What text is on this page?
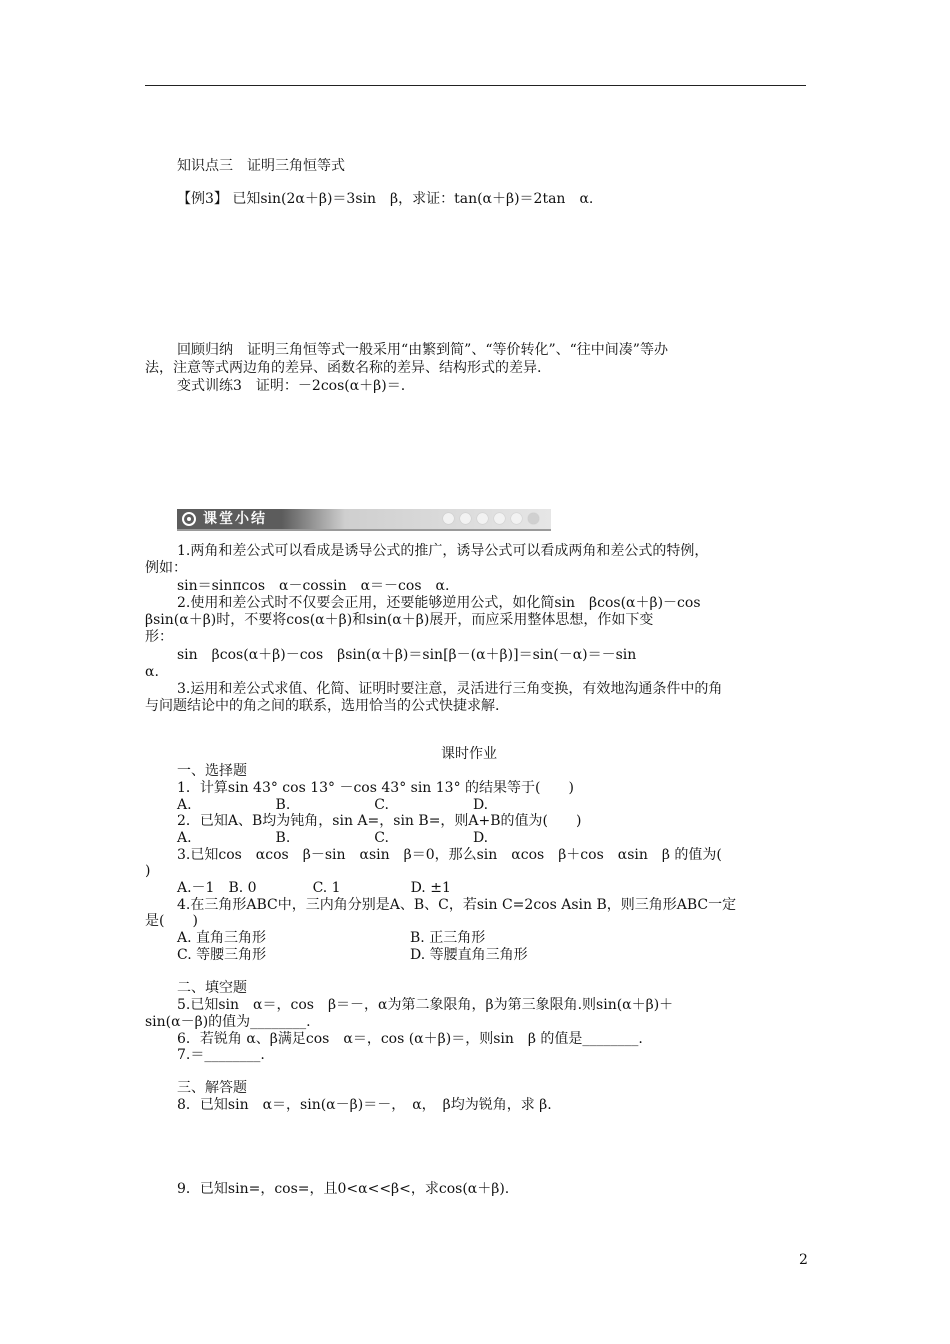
知识点三　证明三角恒等式
【例3】 已知sin(2α＋β)＝3sin　β，求证：tan(α＋β)＝2tan　α.
回顾归纳　证明三角恒等式一般采用“由繁到简”、“等价转化”、“往中间凑”等办
法，注意等式两边角的差异、函数名称的差异、结构形式的差异.
变式训练3　证明：－2cos(α＋β)＝.
课堂小结
1.两角和差公式可以看成是诱导公式的推广，诱导公式可以看成两角和差公式的特例，
例如：
sin＝sinπcos　α－cossin　α＝－cos　α.
2.使用和差公式时不仅要会正用，还要能够逆用公式，如化简sin　βcos(α＋β)－cos
βsin(α＋β)时，不要将cos(α＋β)和sin(α＋β)展开，而应采用整体思想，作如下变
形：
sin　βcos(α＋β)－cos　βsin(α＋β)＝sin[β－(α＋β)]＝sin(－α)＝－sin
α.
3.运用和差公式求值、化简、证明时要注意，灵活进行三角变换，有效地沟通条件中的角
与问题结论中的角之间的联系，选用恰当的公式快捷求解.
课时作业
一、选择题
1．计算sin 43° cos 13° －cos 43° sin 13° 的结果等于(　　)
A.　　　　　　B.　　　　　　C.　　　　　　D.
2．已知A、B均为钝角，sin A=，sin B=，则A+B的值为(　　)
A.　　　　　　B.　　　　　　C.　　　　　　D.
3.已知cos　αcos　β－sin　αsin　β＝0，那么sin　αcos　β＋cos　αsin　β 的值为(
)
A.－1　B. 0　　　　C. 1　　　　　D. ±1
4.在三角形ABC中，三内角分别是A、B、C，若sin C=2cos Asin B，则三角形ABC一定
是(　　)
A. 直角三角形	B. 正三角形
C. 等腰三角形	D. 等腰直角三角形
二、填空题
5.已知sin　α＝，cos　β＝－，α为第二象限角，β为第三象限角.则sin(α＋β)＋
sin(α－β)的值为________.
6．若锐角 α、β满足cos　α＝，cos (α＋β)＝，则sin　β 的值是________.
7.＝________.
三、解答题
8．已知sin　α＝，sin(α－β)＝－，　α，　β均为锐角，求 β.
9．已知sin=，cos=，且0<α<<β<，求cos(α＋β).
2
